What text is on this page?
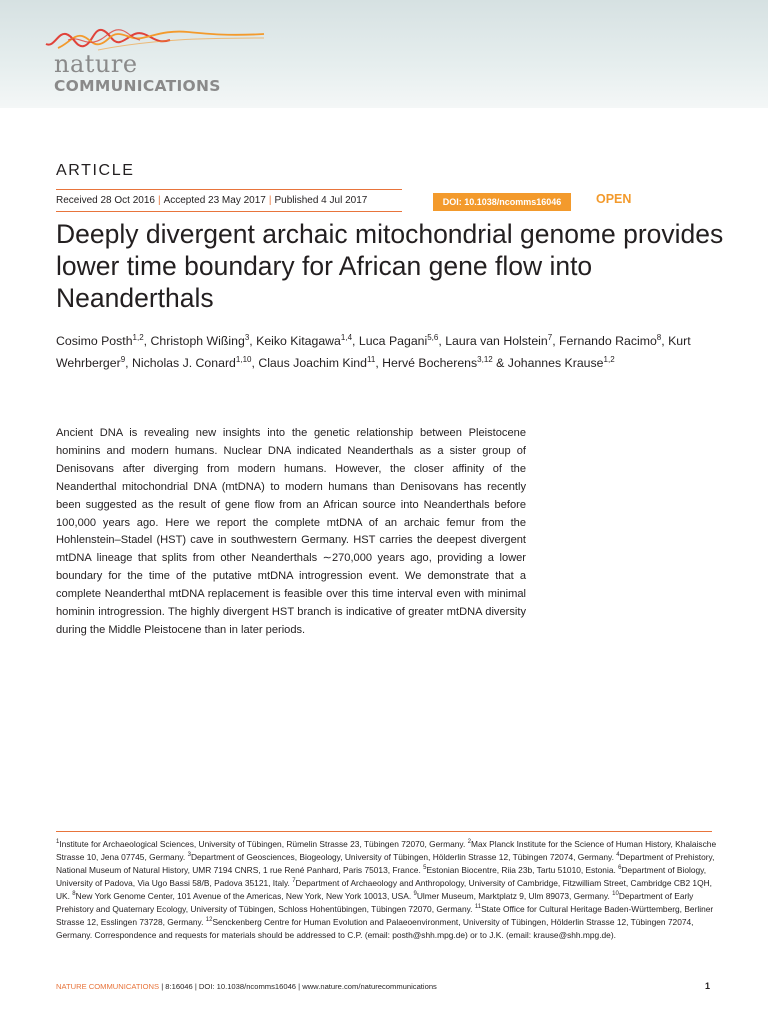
nature
COMMUNICATIONS
ARTICLE
Received 28 Oct 2016 | Accepted 23 May 2017 | Published 4 Jul 2017	DOI: 10.1038/ncomms16046	OPEN
Deeply divergent archaic mitochondrial genome provides lower time boundary for African gene flow into Neanderthals
Cosimo Posth$^{1,2}$, Christoph Wißing$^3$, Keiko Kitagawa$^{1,4}$, Luca Pagani$^{5,6}$, Laura van Holstein$^7$, Fernando Racimo$^8$, Kurt Wehrberger$^9$, Nicholas J. Conard$^{1,10}$, Claus Joachim Kind$^{11}$, Hervé Bocherens$^{3,12}$ & Johannes Krause$^{1,2}$

Ancient DNA is revealing new insights into the genetic relationship between Pleistocene hominins and modern humans. Nuclear DNA indicated Neanderthals as a sister group of Denisovans after diverging from modern humans. However, the closer affinity of the Neanderthal mitochondrial DNA (mtDNA) to modern humans than Denisovans has recently been suggested as the result of gene flow from an African source into Neanderthals before 100,000 years ago. Here we report the complete mtDNA of an archaic femur from the Hohlenstein–Stadel (HST) cave in southwestern Germany. HST carries the deepest divergent mtDNA lineage that splits from other Neanderthals ∼270,000 years ago, providing a lower boundary for the time of the putative mtDNA introgression event. We demonstrate that a complete Neanderthal mtDNA replacement is feasible over this time interval even with minimal hominin introgression. The highly divergent HST branch is indicative of greater mtDNA diversity during the Middle Pleistocene than in later periods.

$^1$Institute for Archaeological Sciences, University of Tübingen, Rümelin Strasse 23, Tübingen 72070, Germany. $^2$Max Planck Institute for the Science of Human History, Khalaische Strasse 10, Jena 07745, Germany. $^3$Department of Geosciences, Biogeology, University of Tübingen, Hölderlin Strasse 12, Tübingen 72074, Germany. $^4$Department of Prehistory, National Museum of Natural History, UMR 7194 CNRS, 1 rue René Panhard, Paris 75013, France. $^5$Estonian Biocentre, Riia 23b, Tartu 51010, Estonia. $^6$Department of Biology, University of Padova, Via Ugo Bassi 58/B, Padova 35121, Italy. $^7$Department of Archaeology and Anthropology, University of Cambridge, Fitzwilliam Street, Cambridge CB2 1QH, UK. $^8$New York Genome Center, 101 Avenue of the Americas, New York, New York 10013, USA. $^9$Ulmer Museum, Marktplatz 9, Ulm 89073, Germany. $^{10}$Department of Early Prehistory and Quaternary Ecology, University of Tübingen, Schloss Hohentübingen, Tübingen 72070, Germany. $^{11}$State Office for Cultural Heritage Baden-Württemberg, Berliner Strasse 12, Esslingen 73728, Germany. $^{12}$Senckenberg Centre for Human Evolution and Palaeoenvironment, University of Tübingen, Hölderlin Strasse 12, Tübingen 72074, Germany. Correspondence and requests for materials should be addressed to C.P. (email: posth@shh.mpg.de) or to J.K. (email: krause@shh.mpg.de).

NATURE COMMUNICATIONS | 8:16046 | DOI: 10.1038/ncomms16046 | www.nature.com/naturecommunications	1
